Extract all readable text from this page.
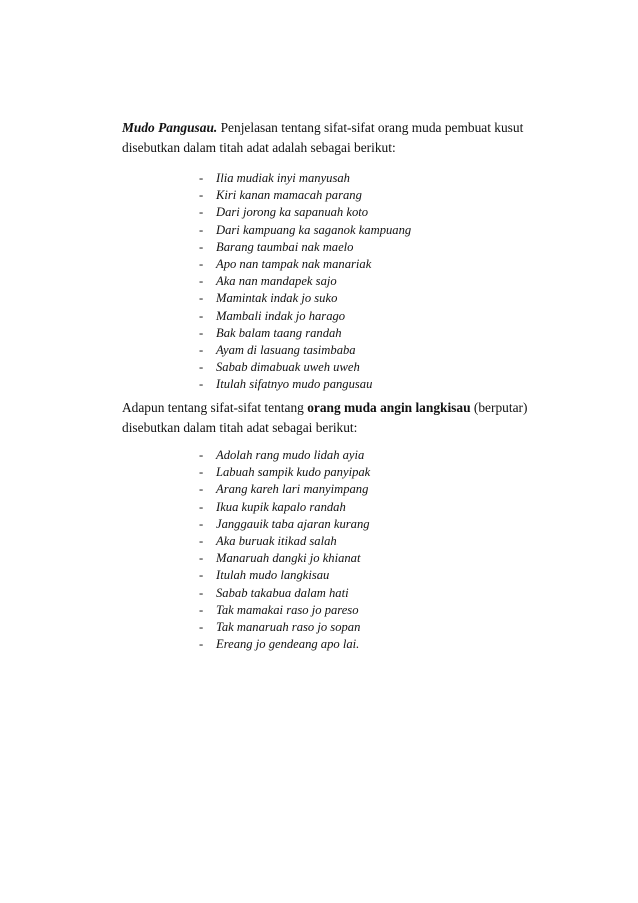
Mudo Pangusau. Penjelasan tentang sifat-sifat orang muda pembuat kusut
disebutkan dalam titah adat adalah sebagai berikut:

- Ilia mudiak inyi manyusah
- Kiri kanan mamacah parang
- Dari jorong ka sapanuah koto
- Dari kampuang ka saganok kampuang
- Barang taumbai nak maelo
- Apo nan tampak nak manariak
- Aka nan mandapek sajo
- Mamintak indak jo suko
- Mambali indak jo harago
- Bak balam taang randah
- Ayam di lasuang tasimbaba
- Sabab dimabuak uweh uweh
- Itulah sifatnyo mudo pangusau

Adapun tentang sifat-sifat tentang orang muda angin langkisau (berputar)
disebutkan dalam titah adat sebagai berikut:

- Adolah rang mudo lidah ayia
- Labuah sampik kudo panyipak
- Arang kareh lari manyimpang
- Ikua kupik kapalo randah
- Janggauik taba ajaran kurang
- Aka buruak itikad salah
- Manaruah dangki jo khianat
- Itulah mudo langkisau
- Sabab takabua dalam hati
- Tak mamakai raso jo pareso
- Tak manaruah raso jo sopan
- Ereang jo gendeang apo lai.
